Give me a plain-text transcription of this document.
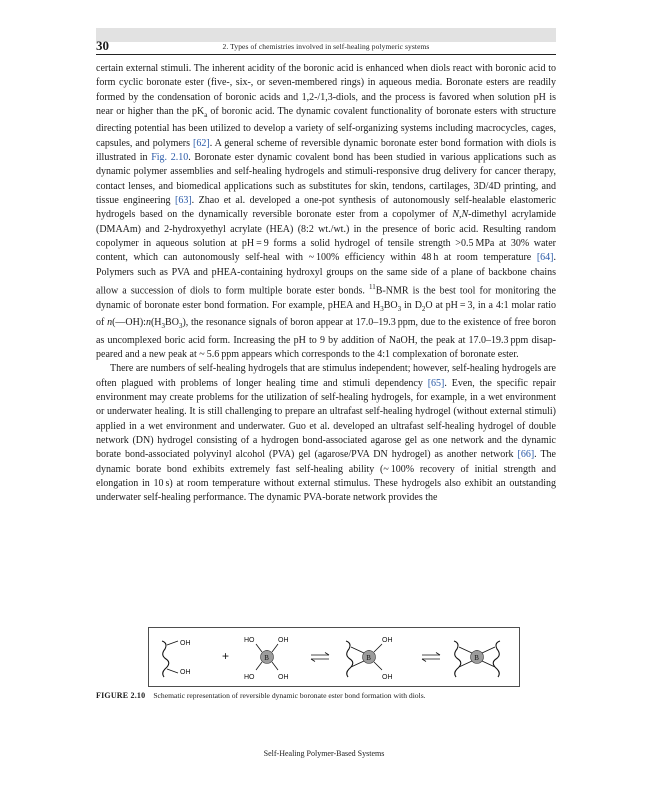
30	2. Types of chemistries involved in self-healing polymeric systems

certain external stimuli. The inherent acidity of the boronic acid is enhanced when diols react with boronic acid to form cyclic boronate ester (five-, six-, or seven-membered rings) in aqueous media. Boronate esters are readily formed by the condensation of boronic acids and 1,2-/1,3-diols, and the process is favored when solution pH is near or higher than the $pK_a$ of boronic acid. The dynamic covalent functionality of boronate esters with structure directing potential has been utilized to develop a variety of self-organizing systems including macrocycles, cages, capsules, and polymers [62]. A general scheme of reversible dynamic boronate ester bond formation with diols is illustrated in Fig. 2.10. Boronate ester dynamic covalent bond has been studied in various applications such as dynamic polymer assemblies and self-healing hydrogels and stimuli-responsive drug delivery for cancer therapy, contact lenses, and biomedical applications such as substitutes for skin, tendons, cartilages, 3D/4D printing, and tissue engineering [63]. Zhao et al. developed a one-pot synthesis of autonomously self-healable elastomeric hydrogels based on the dynamically reversible boronate ester from a copolymer of N,N-dimethyl acrylamide (DMAAm) and 2-hydroxyethyl acrylate (HEA) (8:2 wt./wt.) in the presence of boric acid. Resulting random copolymer in aqueous solution at pH = 9 forms a solid hydrogel of tensile strength >0.5 MPa at 30% water content, which can autonomously self-heal with ~ 100% efficiency within 48 h at room temperature [64]. Polymers such as PVA and pHEA-containing hydroxyl groups on the same side of a plane of backbone chains allow a succession of diols to form multiple borate ester bonds. $^{11}$B-NMR is the best tool for monitoring the dynamic of boronate ester bond formation. For example, pHEA and $H_3BO_3$ in $D_2O$ at pH = 3, in a 4:1 molar ratio of $n(—OH):n(H_3BO_3)$, the resonance signals of boron appear at 17.0–19.3 ppm, due to the existence of free boron as uncomplexed boric acid form. Increasing the pH to 9 by addition of NaOH, the peak at 17.0–19.3 ppm disappeared and a new peak at ~ 5.6 ppm appears which corresponds to the 4:1 complexation of boronate ester.

There are numbers of self-healing hydrogels that are stimulus independent; however, self-healing hydrogels are often plagued with problems of longer healing time and stimuli dependency [65]. Even, the specific repair environment may create problems for the utilization of self-healing hydrogels, for example, in a wet environment or underwater healing. It is still challenging to prepare an ultrafast self-healing hydrogel (without external stimuli) applied in a wet environment and underwater. Guo et al. developed an ultrafast self-healing hydrogel of double network (DN) hydrogel consisting of a hydrogen bond-associated agarose gel as one network and the dynamic borate bond-associated polyvinyl alcohol (PVA) gel (agarose/PVA DN hydrogel) as another network [66]. The dynamic borate bond exhibits extremely fast self-healing ability (~ 100% recovery of initial strength and elongation in 10 s) at room temperature without external stimulus. These hydrogels also exhibit an outstanding underwater self-healing performance. The dynamic PVA-borate network provides the

OH
OH
+	B
−
HO	OH
HO	OH
B
−
OH
OH
B
−
FIGURE 2.10 Schematic representation of reversible dynamic boronate ester bond formation with diols.
Self-Healing Polymer-Based Systems
